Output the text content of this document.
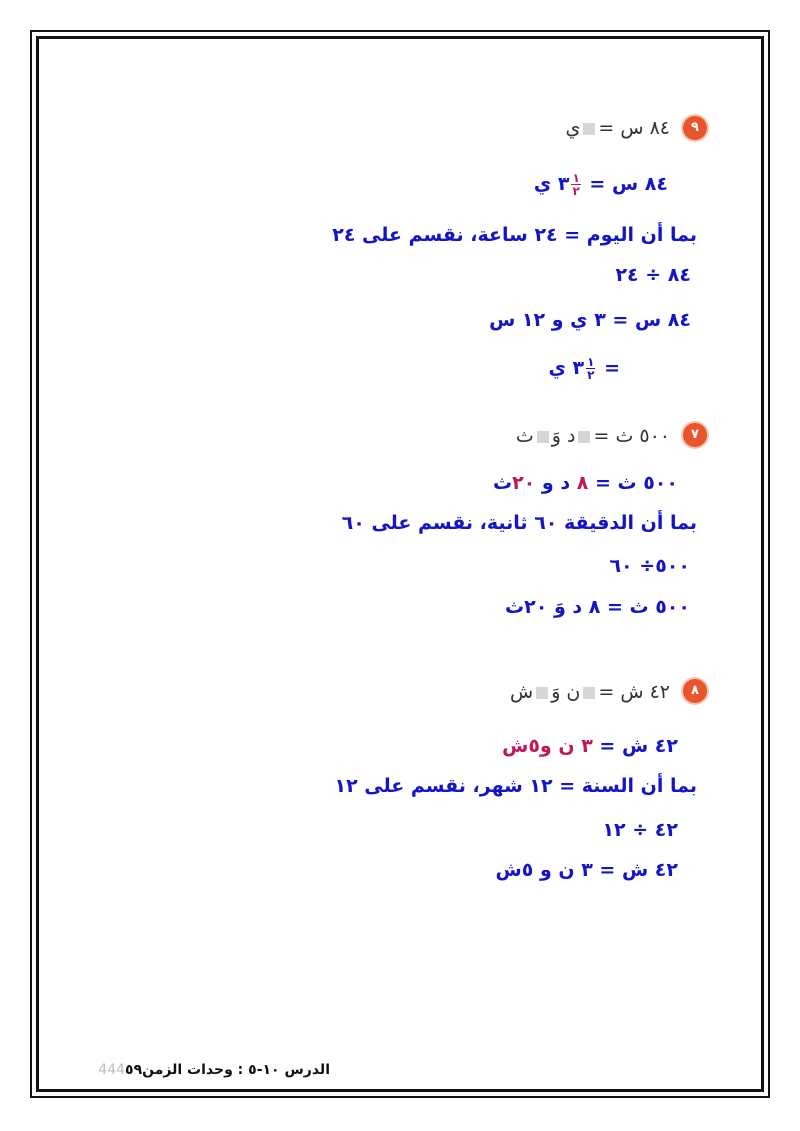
٩
٨٤ س =ي
٨٤ س =
$\frac{١}{٢}$
٣ ي
بما أن اليوم = ٢٤ ساعة، نقسم على ٢٤
٨٤ ÷ ٢٤
٨٤ س = ٣ ي و ١٢ س
=
$\frac{١}{٢}$
٣ ي
٧
٥٠٠ ث =د وَث
٥٠٠ ث = ٨ د و ٢٠ث
بما أن الدقيقة ٦٠ ثانية، نقسم على ٦٠
٥٠٠÷ ٦٠
٥٠٠ ث = ٨ د وَ ٢٠ث
٨
٤٢ ش =ن وَش
٤٢ ش = ٣ ن و٥ش
بما أن السنة = ١٢ شهر، نقسم على ١٢
٤٢ ÷ ١٢
٤٢ ش = ٣ ن و ٥ش
الدرس ١٠-٥ : وحدات الزمن444٥٩
